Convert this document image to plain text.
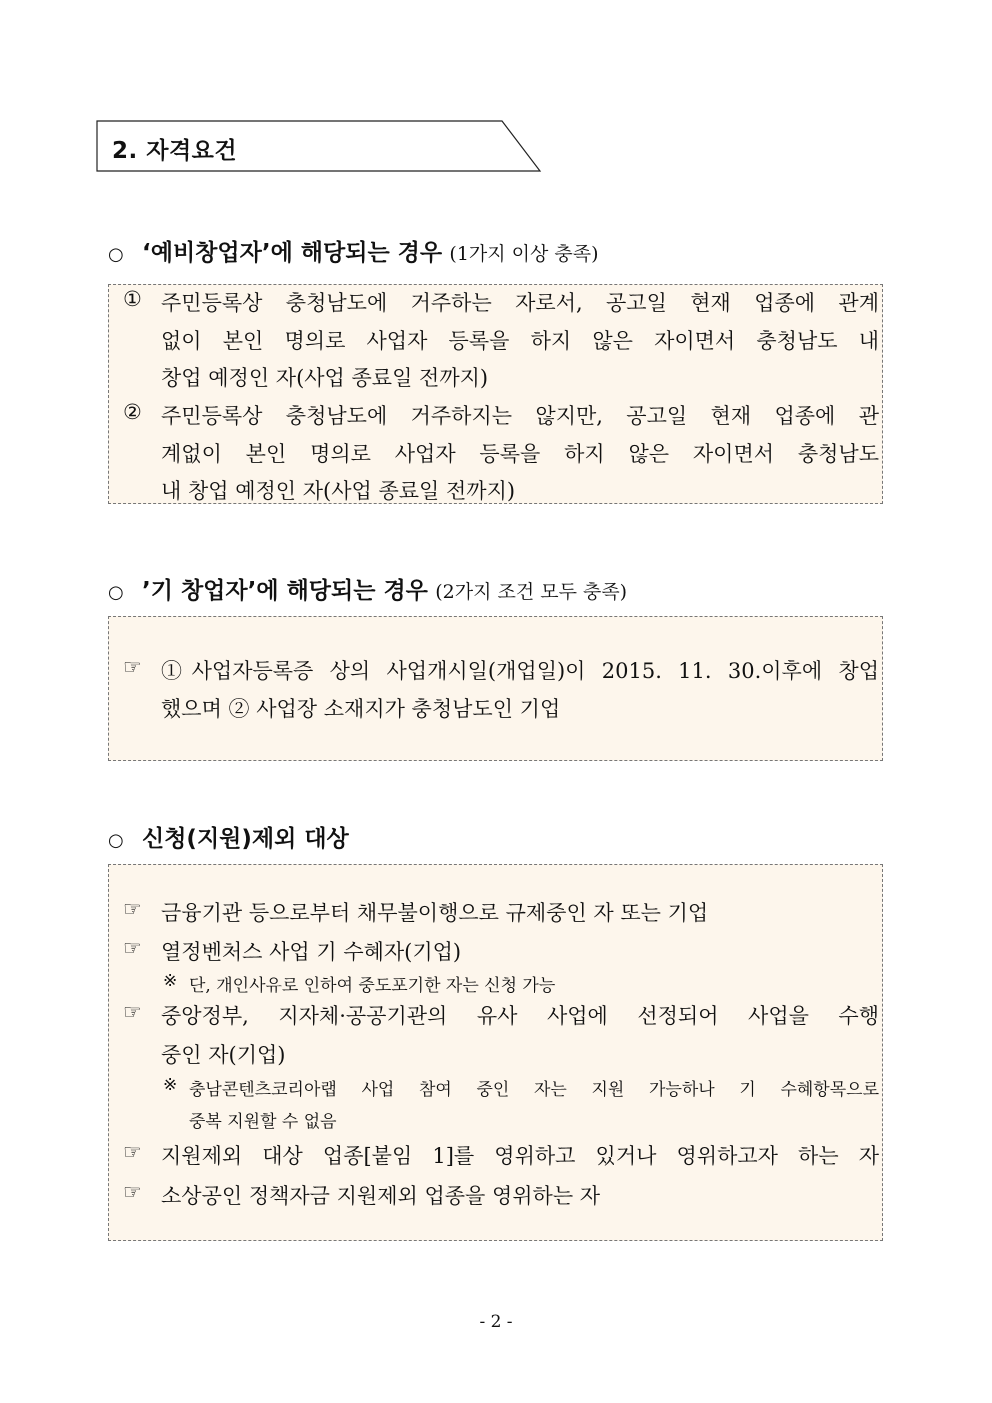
2. 자격요건
○ ‘예비창업자’에 해당되는 경우 (1가지 이상 충족)
① 주민등록상 충청남도에 거주하는 자로서, 공고일 현재 업종에 관계
없이 본인 명의로 사업자 등록을 하지 않은 자이면서 충청남도 내
창업 예정인 자(사업 종료일 전까지)
② 주민등록상 충청남도에 거주하지는 않지만, 공고일 현재 업종에 관
계없이 본인 명의로 사업자 등록을 하지 않은 자이면서 충청남도
내 창업 예정인 자(사업 종료일 전까지)
○ ’기 창업자’에 해당되는 경우 (2가지 조건 모두 충족)
☞ ①사업자등록증 상의 사업개시일(개업일)이 2015. 11. 30.이후에 창업
했으며 ② 사업장 소재지가 충청남도인 기업
○ 신청(지원)제외 대상
☞ 금융기관 등으로부터 채무불이행으로 규제중인 자 또는 기업
☞ 열정벤처스 사업 기 수혜자(기업)
※ 단, 개인사유로 인하여 중도포기한 자는 신청 가능
☞ 중앙정부, 지자체·공공기관의 유사 사업에 선정되어 사업을 수행
중인 자(기업)
※ 충남콘텐츠코리아랩 사업 참여 중인 자는 지원 가능하나 기 수혜항목으로
중복 지원할 수 없음
☞ 지원제외 대상 업종[붙임 1]를 영위하고 있거나 영위하고자 하는 자
☞ 소상공인 정책자금 지원제외 업종을 영위하는 자
- 2 -
